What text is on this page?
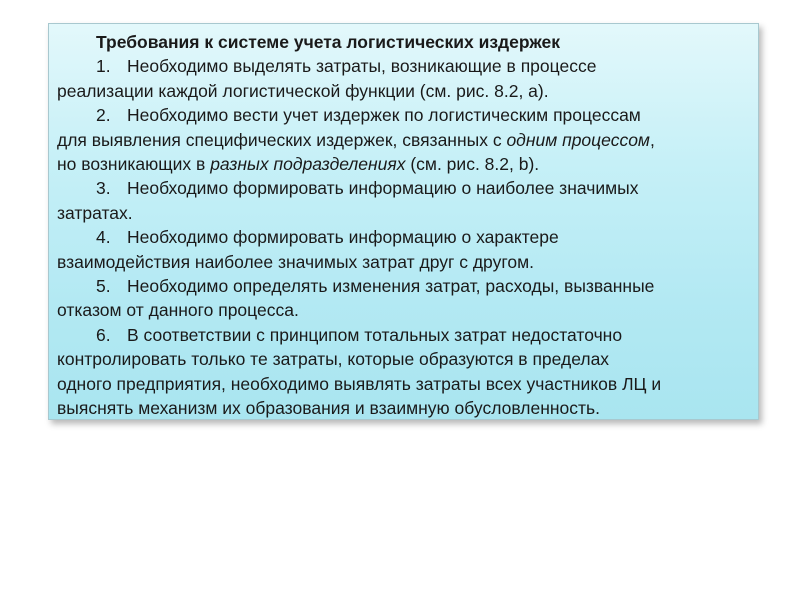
Требования к системе учета логистических издержек
1. Необходимо выделять затраты, возникающие в процессе
реализации каждой логистической функции (см. рис. 8.2, а).
2. Необходимо вести учет издержек по логистическим процессам
для выявления специфических издержек, связанных с одним процессом,
но возникающих в разных подразделениях (см. рис. 8.2, b).
3. Необходимо формировать информацию о наиболее значимых
затратах.
4. Необходимо формировать информацию о характере
взаимодействия наиболее значимых затрат друг с другом.
5. Необходимо определять изменения затрат, расходы, вызванные
отказом от данного процесса.
6. В соответствии с принципом тотальных затрат недостаточно
контролировать только те затраты, которые образуются в пределах
одного предприятия, необходимо выявлять затраты всех участников ЛЦ и
выяснять механизм их образования и взаимную обусловленность.
